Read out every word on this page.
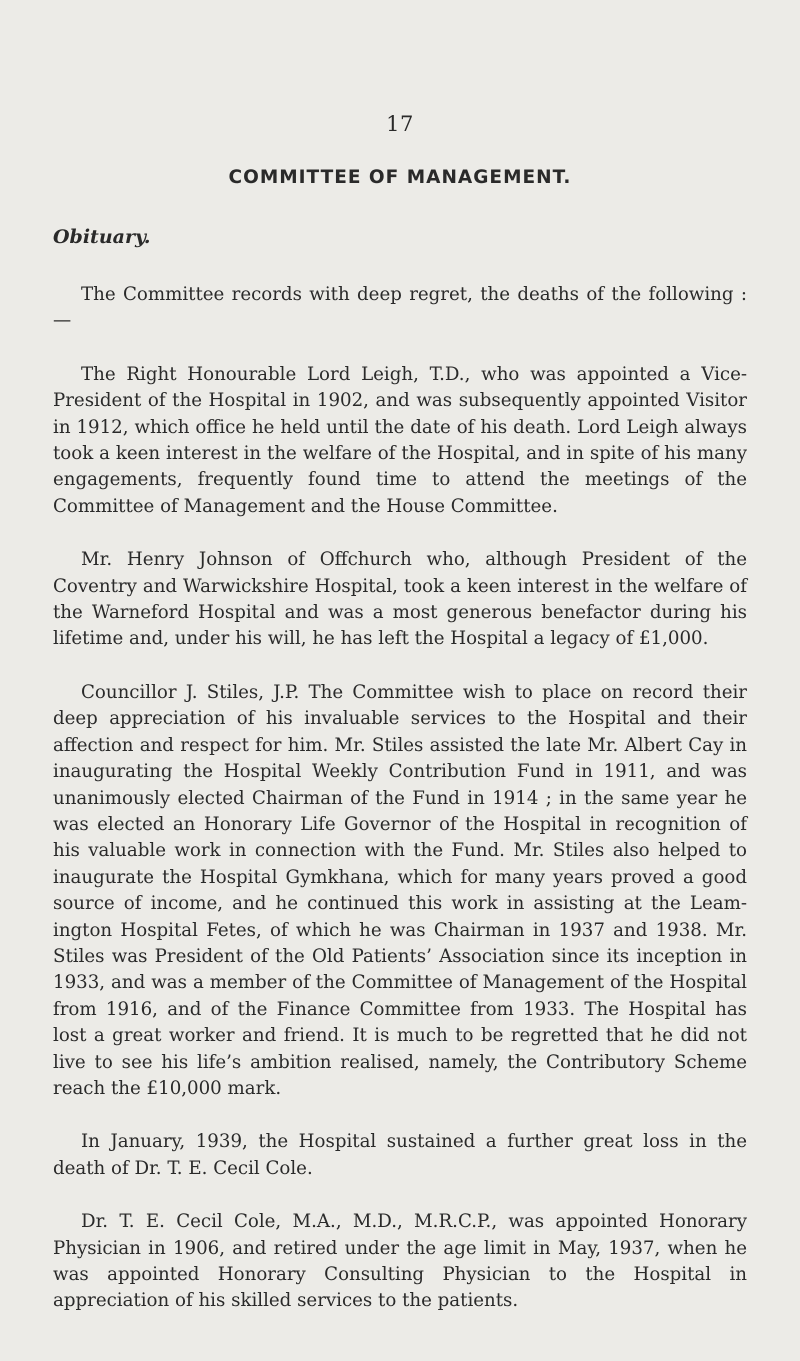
17
COMMITTEE OF MANAGEMENT.
Obituary.

The Committee records with deep regret, the deaths of the following :—

The Right Honourable Lord Leigh, T.D., who was appointed a Vice-President of the Hospital in 1902, and was subsequently appointed Visitor in 1912, which office he held until the date of his death. Lord Leigh always took a keen interest in the welfare of the Hospital, and in spite of his many engagements, frequently found time to attend the meetings of the Committee of Management and the House Committee.

Mr. Henry Johnson of Offchurch who, although President of the Coventry and Warwickshire Hospital, took a keen interest in the welfare of the Warneford Hospital and was a most generous benefactor during his lifetime and, under his will, he has left the Hospital a legacy of £1,000.

Councillor J. Stiles, J.P. The Committee wish to place on record their deep appreciation of his invaluable services to the Hospital and their affection and respect for him. Mr. Stiles assisted the late Mr. Albert Cay in inaugurating the Hospital Weekly Contribution Fund in 1911, and was unanimously elected Chairman of the Fund in 1914 ; in the same year he was elected an Honorary Life Governor of the Hospital in recognition of his valuable work in connection with the Fund. Mr. Stiles also helped to inaugurate the Hospital Gymkhana, which for many years proved a good source of income, and he continued this work in assisting at the Leamington Hospital Fetes, of which he was Chairman in 1937 and 1938. Mr. Stiles was President of the Old Patients’ Association since its inception in 1933, and was a member of the Committee of Management of the Hospital from 1916, and of the Finance Committee from 1933. The Hospital has lost a great worker and friend. It is much to be regretted that he did not live to see his life’s ambition realised, namely, the Contributory Scheme reach the £10,000 mark.

In January, 1939, the Hospital sustained a further great loss in the death of Dr. T. E. Cecil Cole.

Dr. T. E. Cecil Cole, M.A., M.D., M.R.C.P., was appointed Honorary Physician in 1906, and retired under the age limit in May, 1937, when he was appointed Honorary Consulting Physician to the Hospital in appreciation of his skilled services to the patients.
